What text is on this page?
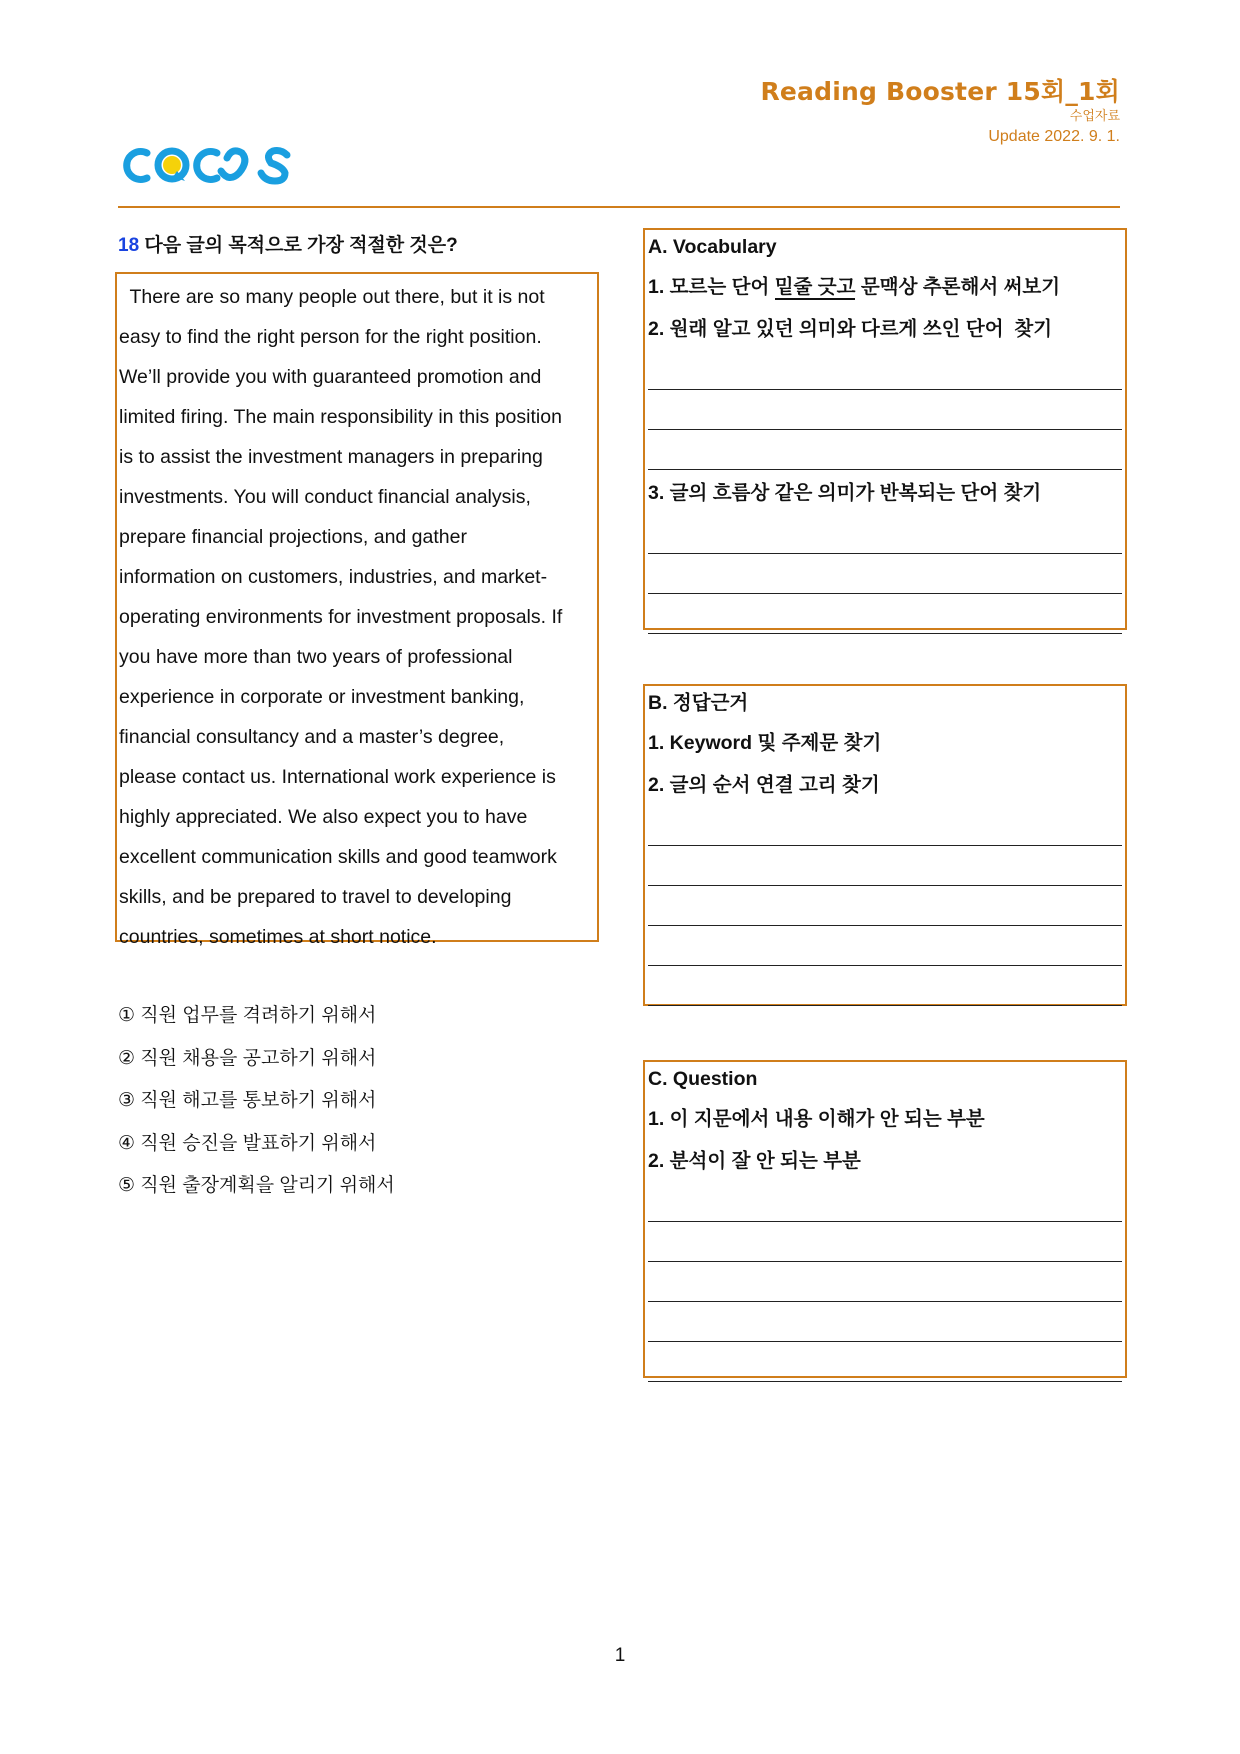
Reading Booster 15회_1회
수업자료
Update 2022. 9. 1.
18 다음 글의 목적으로 가장 적절한 것은?
There are so many people out there, but it is not
easy to find the right person for the right position.
We’ll provide you with guaranteed promotion and
limited firing. The main responsibility in this position
is to assist the investment managers in preparing
investments. You will conduct financial analysis,
prepare financial projections, and gather
information on customers, industries, and market-
operating environments for investment proposals. If
you have more than two years of professional
experience in corporate or investment banking,
financial consultancy and a master’s degree,
please contact us. International work experience is
highly appreciated. We also expect you to have
excellent communication skills and good teamwork
skills, and be prepared to travel to developing
countries, sometimes at short notice.
① 직원 업무를 격려하기 위해서
② 직원 채용을 공고하기 위해서
③ 직원 해고를 통보하기 위해서
④ 직원 승진을 발표하기 위해서
⑤ 직원 출장계획을 알리기 위해서
A. Vocabulary
1. 모르는 단어 밑줄 긋고 문맥상 추론해서 써보기
2. 원래 알고 있던 의미와 다르게 쓰인 단어  찾기
3. 글의 흐름상 같은 의미가 반복되는 단어 찾기
B. 정답근거
1. Keyword 및 주제문 찾기
2. 글의 순서 연결 고리 찾기
C. Question
1. 이 지문에서 내용 이해가 안 되는 부분
2. 분석이 잘 안 되는 부분
1
